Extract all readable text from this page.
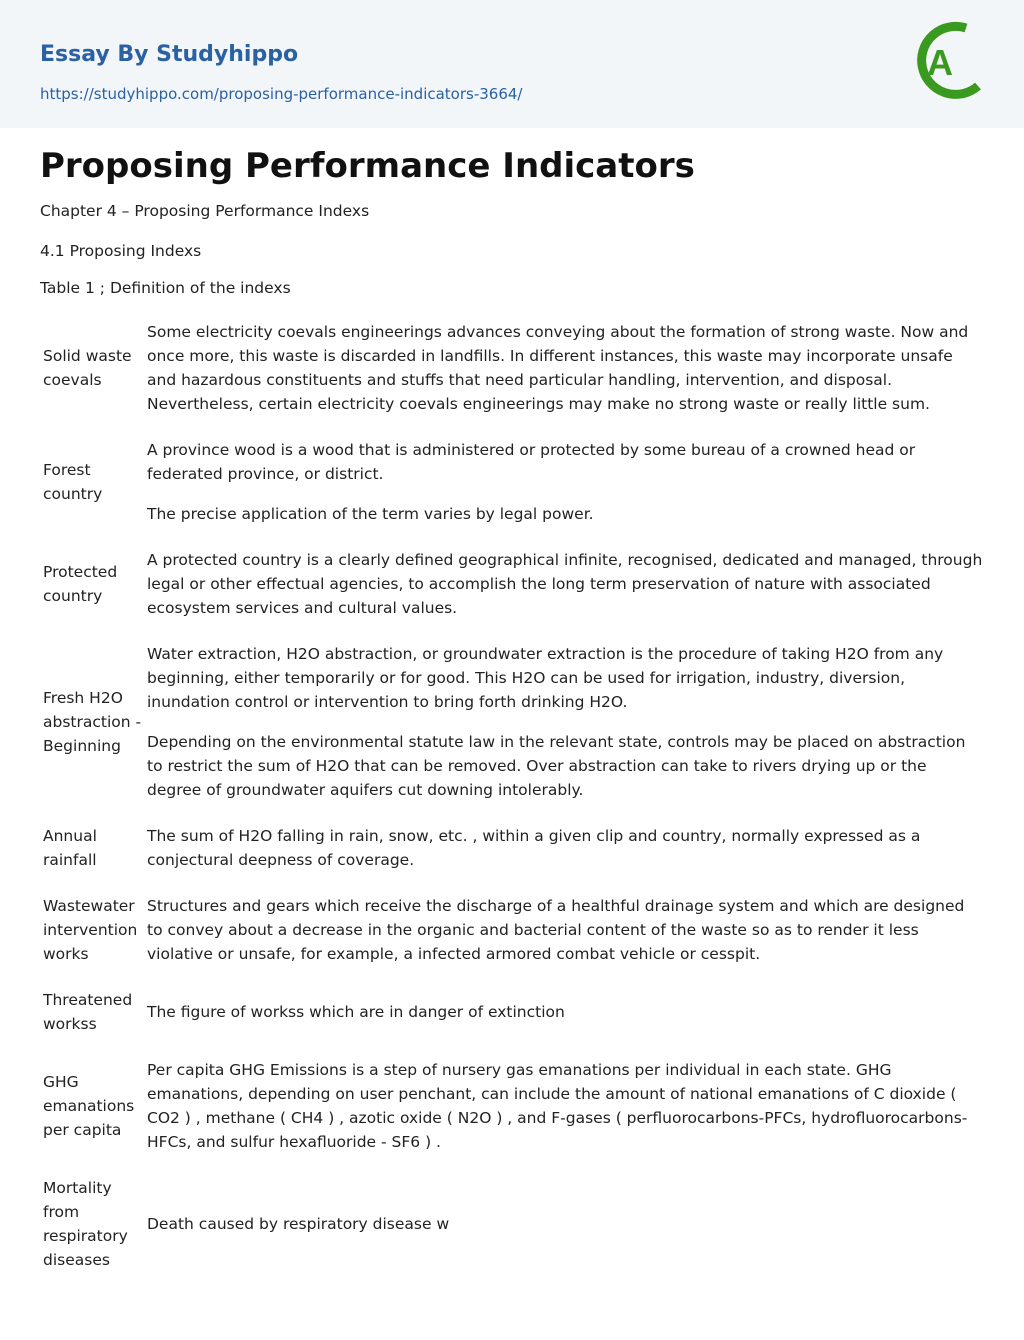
Essay By Studyhippo
https://studyhippo.com/proposing-performance-indicators-3664/
A
Proposing Performance Indicators

Chapter 4 – Proposing Performance Indexs

4.1 Proposing Indexs

Table 1 ; Definition of the indexs

Solid waste coevals	Some electricity coevals engineerings advances conveying about the formation of strong waste. Now and once more, this waste is discarded in landfills. In different instances, this waste may incorporate unsafe and hazardous constituents and stuffs that need particular handling, intervention, and disposal. Nevertheless, certain electricity coevals engineerings may make no strong waste or really little sum.

Forest country	A province wood is a wood that is administered or protected by some bureau of a crowned head or federated province, or district.

The precise application of the term varies by legal power.

Protected country	A protected country is a clearly defined geographical infinite, recognised, dedicated and managed, through legal or other effectual agencies, to accomplish the long term preservation of nature with associated ecosystem services and cultural values.

Fresh H2O abstraction - Beginning	Water extraction, H2O abstraction, or groundwater extraction is the procedure of taking H2O from any beginning, either temporarily or for good. This H2O can be used for irrigation, industry, diversion, inundation control or intervention to bring forth drinking H2O.

Depending on the environmental statute law in the relevant state, controls may be placed on abstraction to restrict the sum of H2O that can be removed. Over abstraction can take to rivers drying up or the degree of groundwater aquifers cut downing intolerably.

Annual rainfall	The sum of H2O falling in rain, snow, etc. , within a given clip and country, normally expressed as a conjectural deepness of coverage.

Wastewater intervention works	Structures and gears which receive the discharge of a healthful drainage system and which are designed to convey about a decrease in the organic and bacterial content of the waste so as to render it less violative or unsafe, for example, a infected armored combat vehicle or cesspit.

Threatened workss	The figure of workss which are in danger of extinction

GHG emanations per capita	Per capita GHG Emissions is a step of nursery gas emanations per individual in each state. GHG emanations, depending on user penchant, can include the amount of national emanations of C dioxide ( CO2 ) , methane ( CH4 ) , azotic oxide ( N2O ) , and F-gases ( perfluorocarbons-PFCs, hydrofluorocarbons-HFCs, and sulfur hexafluoride - SF6 ) .

Mortality from respiratory diseases	Death caused by respiratory disease w
